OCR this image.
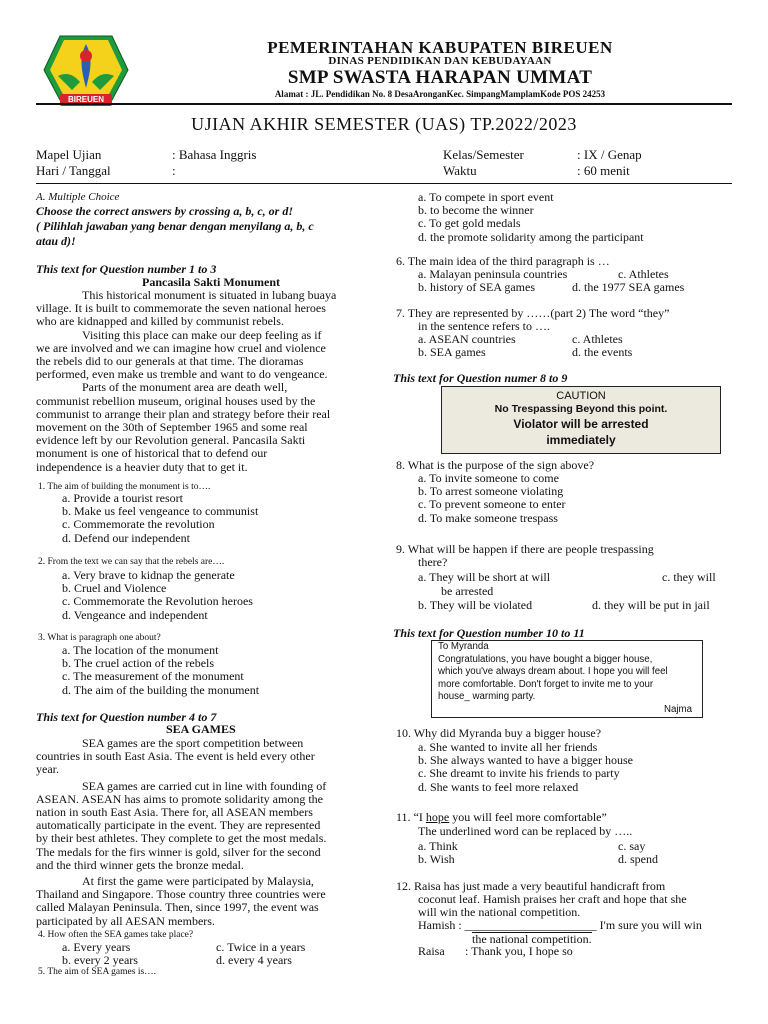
BIREUEN
PEMERINTAHAN KABUPATEN BIREUEN
DINAS PENDIDIKAN DAN KEBUDAYAAN
SMP SWASTA HARAPAN UMMAT
Alamat : JL. Pendidikan No. 8 DesaAronganKec. SimpangMamplamKode POS 24253
UJIAN AKHIR SEMESTER (UAS) TP.2022/2023
Mapel Ujian	: Bahasa Inggris
Hari / Tanggal	:
Kelas/Semester	: IX / Genap
Waktu	: 60 menit
A. Multiple Choice
Choose the correct answers by crossing a, b, c, or d!
( Pilihlah jawaban yang benar dengan menyilang a, b, c
atau d)!
This text for Question number 1 to 3
Pancasila Sakti Monument
This historical monument is situated in lubang buaya
village. It is built to commemorate the seven national heroes
who are kidnapped and killed by communist rebels.
Visiting this place can make our deep feeling as if
we are involved and we can imagine how cruel and violence
the rebels did to our generals at that time. The dioramas
performed, even make us tremble and want to do vengeance.
Parts of the monument area are death well,
communist rebellion museum, original houses used by the
communist to arrange their plan and strategy before their real
movement on the 30th of September 1965 and some real
evidence left by our Revolution general. Pancasila Sakti
monument is one of historical that to defend our
independence is a heavier duty that to get it.
1. The aim of building the monument is to….
a. Provide a tourist resort
b. Make us feel vengeance to communist
c. Commemorate the revolution
d. Defend our independent
2. From the text we can say that the rebels are….
a. Very brave to kidnap the generate
b. Cruel and Violence
c. Commemorate the Revolution heroes
d. Vengeance and independent
3. What is paragraph one about?
a. The location of the monument
b. The cruel action of the rebels
c. The measurement of the monument
d. The aim of the building the monument
This text for Question number 4 to 7
SEA GAMES
SEA games are the sport competition between
countries in south East Asia. The event is held every other
year.
SEA games are carried cut in line with founding of
ASEAN. ASEAN has aims to promote solidarity among the
nation in south East Asia. There for, all ASEAN members
automatically participate in the event. They are represented
by their best athletes. They complete to get the most medals.
The medals for the firs winner is gold, silver for the second
and the third winner gets the bronze medal.
At first the game were participated by Malaysia,
Thailand and Singapore. Those country three countries were
called Malayan Peninsula. Then, since 1997, the event was
participated by all AESAN members.
4. How often the SEA games take place?
a. Every years	c. Twice in a years
b. every 2 years	d. every 4 years
5. The aim of SEA games is….
a. To compete in sport event
b. to become the winner
c. To get gold medals
d. the promote solidarity among the participant
6. The main idea of the third paragraph is …
a. Malayan peninsula countries	c. Athletes
b. history of SEA games	d. the 1977 SEA games
7. They are represented by ……(part 2) The word “they”
in the sentence refers to ….
a. ASEAN countries	c. Athletes
b. SEA games	d. the events
This text for Question numer 8 to 9
CAUTION
No Trespassing Beyond this point.
Violator will be arrested
immediately
8. What is the purpose of the sign above?
a. To invite someone to come
b. To arrest someone violating
c. To prevent someone to enter
d. To make someone trespass
9. What will be happen if there are people trespassing
there?
a. They will be short at will	c. they will
be arrested
b. They will be violated	d. they will be put in jail
This text for Question number 10 to 11
To Myranda
Congratulations, you have bought a bigger house,
which you've always dream about. I hope you will feel
more comfortable. Don't forget to invite me to your
house_ warming party.
Najma
10. Why did Myranda buy a bigger house?
a. She wanted to invite all her friends
b. She always wanted to have a bigger house
c. She dreamt to invite his friends to party
d. She wants to feel more relaxed
11. “I hope you will feel more comfortable”
The underlined word can be replaced by …..
a. Think	c. say
b. Wish	d. spend
12. Raisa has just made a very beautiful handicraft from
coconut leaf. Hamish praises her craft and hope that she
will win the national competition.
Hamish : ______________________ I'm sure you will win
the national competition.
Raisa : Thank you, I hope so
